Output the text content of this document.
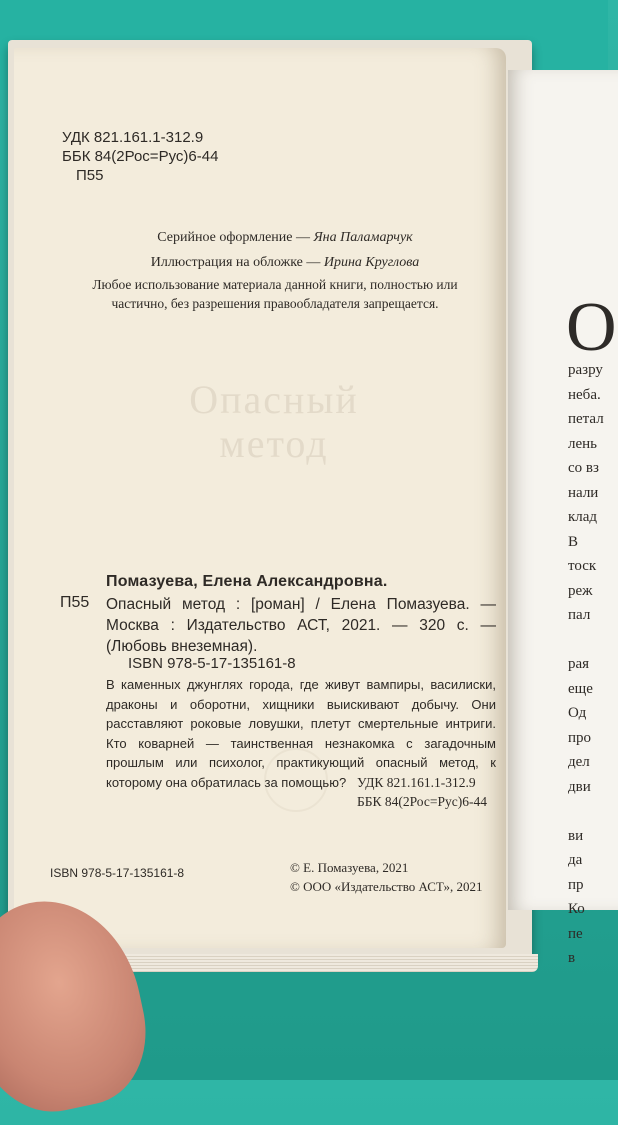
О
разру
неба.
петал
лень
со вз
нали
клад
В
тоск
реж
пал

рая
еще
Од
про
дел
дви

ви
да
пр
Ко
пе
в
Опасный метод
УДК 821.161.1-312.9
ББК 84(2Рос=Рус)6-44
П55
Серийное оформление — Яна Паламарчук
Иллюстрация на обложке — Ирина Круглова
Любое использование материала данной книги, полностью или частично, без разрешения правообладателя запрещается.
Помазуева, Елена Александровна.
П55 Опасный метод : [роман] / Елена Помазуева. — Москва : Издательство АСТ, 2021. — 320 с. — (Любовь внеземная).
ISBN 978-5-17-135161-8
В каменных джунглях города, где живут вампиры, василиски, драконы и оборотни, хищники выискивают добычу. Они расставляют роковые ловушки, плетут смертельные интриги. Кто коварней — таинственная незнакомка с загадочным прошлым или психолог, практикующий опасный метод, к которому она обратилась за помощью? УДК 821.161.1-312.9
ББК 84(2Рос=Рус)6-44
ISBN 978-5-17-135161-8	© Е. Помазуева, 2021
© ООО «Издательство АСТ», 2021
